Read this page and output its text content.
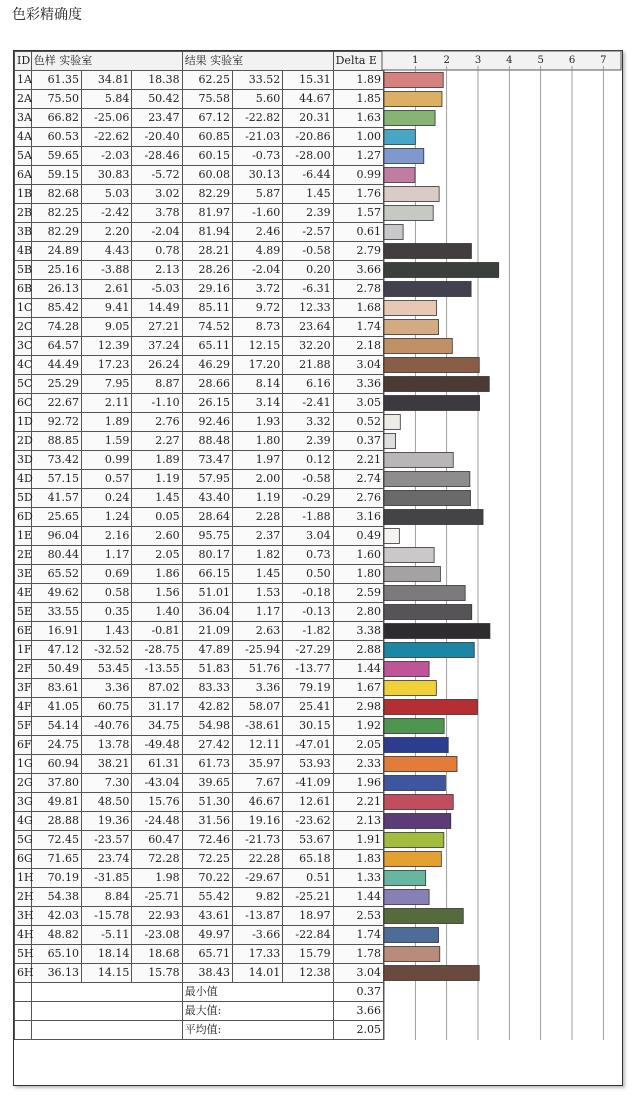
色彩精确度
ID	色样 实验室			结果 实验室			Delta E
1A	61.35	34.81	18.38	62.25	33.52	15.31	1.89
2A	75.50	5.84	50.42	75.58	5.60	44.67	1.85
3A	66.82	-25.06	23.47	67.12	-22.82	20.31	1.63
4A	60.53	-22.62	-20.40	60.85	-21.03	-20.86	1.00
5A	59.65	-2.03	-28.46	60.15	-0.73	-28.00	1.27
6A	59.15	30.83	-5.72	60.08	30.13	-6.44	0.99
1B	82.68	5.03	3.02	82.29	5.87	1.45	1.76
2B	82.25	-2.42	3.78	81.97	-1.60	2.39	1.57
3B	82.29	2.20	-2.04	81.94	2.46	-2.57	0.61
4B	24.89	4.43	0.78	28.21	4.89	-0.58	2.79
5B	25.16	-3.88	2.13	28.26	-2.04	0.20	3.66
6B	26.13	2.61	-5.03	29.16	3.72	-6.31	2.78
1C	85.42	9.41	14.49	85.11	9.72	12.33	1.68
2C	74.28	9.05	27.21	74.52	8.73	23.64	1.74
3C	64.57	12.39	37.24	65.11	12.15	32.20	2.18
4C	44.49	17.23	26.24	46.29	17.20	21.88	3.04
5C	25.29	7.95	8.87	28.66	8.14	6.16	3.36
6C	22.67	2.11	-1.10	26.15	3.14	-2.41	3.05
1D	92.72	1.89	2.76	92.46	1.93	3.32	0.52
2D	88.85	1.59	2.27	88.48	1.80	2.39	0.37
3D	73.42	0.99	1.89	73.47	1.97	0.12	2.21
4D	57.15	0.57	1.19	57.95	2.00	-0.58	2.74
5D	41.57	0.24	1.45	43.40	1.19	-0.29	2.76
6D	25.65	1.24	0.05	28.64	2.28	-1.88	3.16
1E	96.04	2.16	2.60	95.75	2.37	3.04	0.49
2E	80.44	1.17	2.05	80.17	1.82	0.73	1.60
3E	65.52	0.69	1.86	66.15	1.45	0.50	1.80
4E	49.62	0.58	1.56	51.01	1.53	-0.18	2.59
5E	33.55	0.35	1.40	36.04	1.17	-0.13	2.80
6E	16.91	1.43	-0.81	21.09	2.63	-1.82	3.38
1F	47.12	-32.52	-28.75	47.89	-25.94	-27.29	2.88
2F	50.49	53.45	-13.55	51.83	51.76	-13.77	1.44
3F	83.61	3.36	87.02	83.33	3.36	79.19	1.67
4F	41.05	60.75	31.17	42.82	58.07	25.41	2.98
5F	54.14	-40.76	34.75	54.98	-38.61	30.15	1.92
6F	24.75	13.78	-49.48	27.42	12.11	-47.01	2.05
1G	60.94	38.21	61.31	61.73	35.97	53.93	2.33
2G	37.80	7.30	-43.04	39.65	7.67	-41.09	1.96
3G	49.81	48.50	15.76	51.30	46.67	12.61	2.21
4G	28.88	19.36	-24.48	31.56	19.16	-23.62	2.13
5G	72.45	-23.57	60.47	72.46	-21.73	53.67	1.91
6G	71.65	23.74	72.28	72.25	22.28	65.18	1.83
1H	70.19	-31.85	1.98	70.22	-29.67	0.51	1.33
2H	54.38	8.84	-25.71	55.42	9.82	-25.21	1.44
3H	42.03	-15.78	22.93	43.61	-13.87	18.97	2.53
4H	48.82	-5.11	-23.08	49.97	-3.66	-22.84	1.74
5H	65.10	18.14	18.68	65.71	17.33	15.79	1.78
6H	36.13	14.15	15.78	38.43	14.01	12.38	3.04
				最小值			0.37
				最大值:			3.66
				平均值:			2.05
1 2 3 4 5 6 7
